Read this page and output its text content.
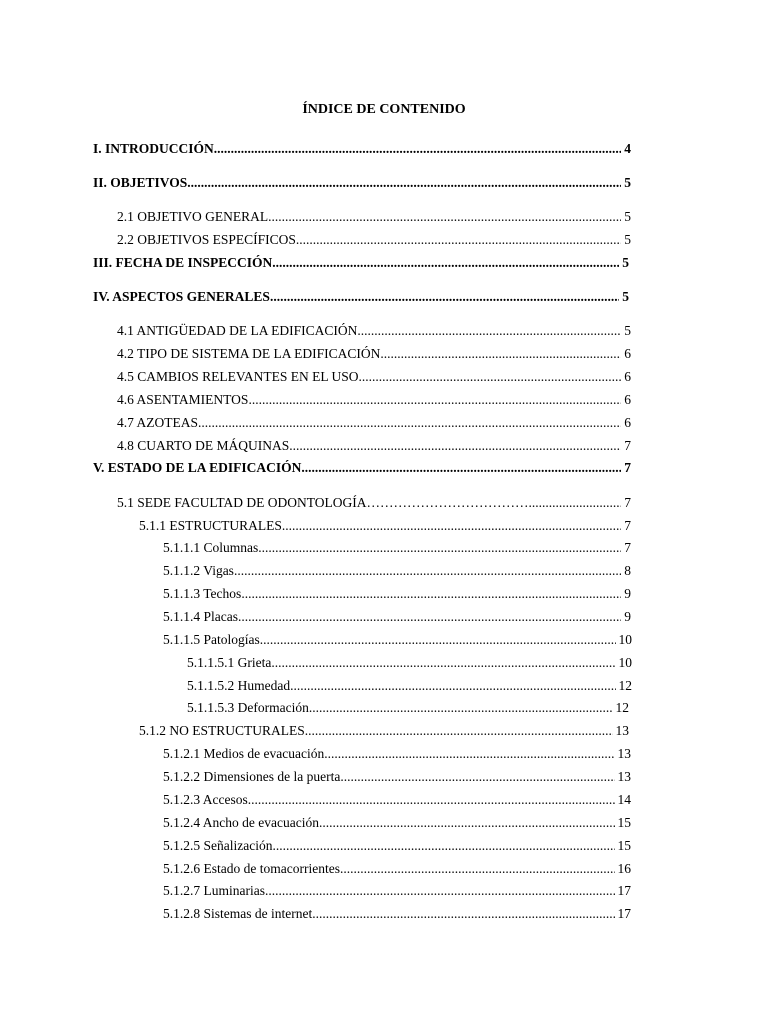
ÍNDICE DE CONTENIDO
I. INTRODUCCIÓN .....	4
II. OBJETIVOS .....	5
2.1 OBJETIVO GENERAL .....	5
2.2 OBJETIVOS ESPECÍFICOS .....	5
III. FECHA DE INSPECCIÓN .....	5
IV. ASPECTOS GENERALES .....	5
4.1 ANTIGÜEDAD DE LA EDIFICACIÓN .....	5
4.2 TIPO DE SISTEMA DE LA EDIFICACIÓN .....	6
4.5 CAMBIOS RELEVANTES EN EL USO .....	6
4.6 ASENTAMIENTOS .....	6
4.7 AZOTEAS .....	6
4.8 CUARTO DE MÁQUINAS .....	7
V. ESTADO DE LA EDIFICACIÓN .....	7
5.1 SEDE FACULTAD DE ODONTOLOGÍA ……………………………… .....	7
5.1.1 ESTRUCTURALES .....	7
5.1.1.1 Columnas .....	7
5.1.1.2 Vigas .....	8
5.1.1.3 Techos .....	9
5.1.1.4 Placas .....	9
5.1.1.5 Patologías .....	10
5.1.1.5.1 Grieta .....	10
5.1.1.5.2 Humedad .....	12
5.1.1.5.3 Deformación .....	12
5.1.2 NO ESTRUCTURALES .....	13
5.1.2.1 Medios de evacuación .....	13
5.1.2.2 Dimensiones de la puerta .....	13
5.1.2.3 Accesos .....	14
5.1.2.4 Ancho de evacuación .....	15
5.1.2.5 Señalización .....	15
5.1.2.6 Estado de tomacorrientes .....	16
5.1.2.7 Luminarias .....	17
5.1.2.8 Sistemas de internet .....	17
